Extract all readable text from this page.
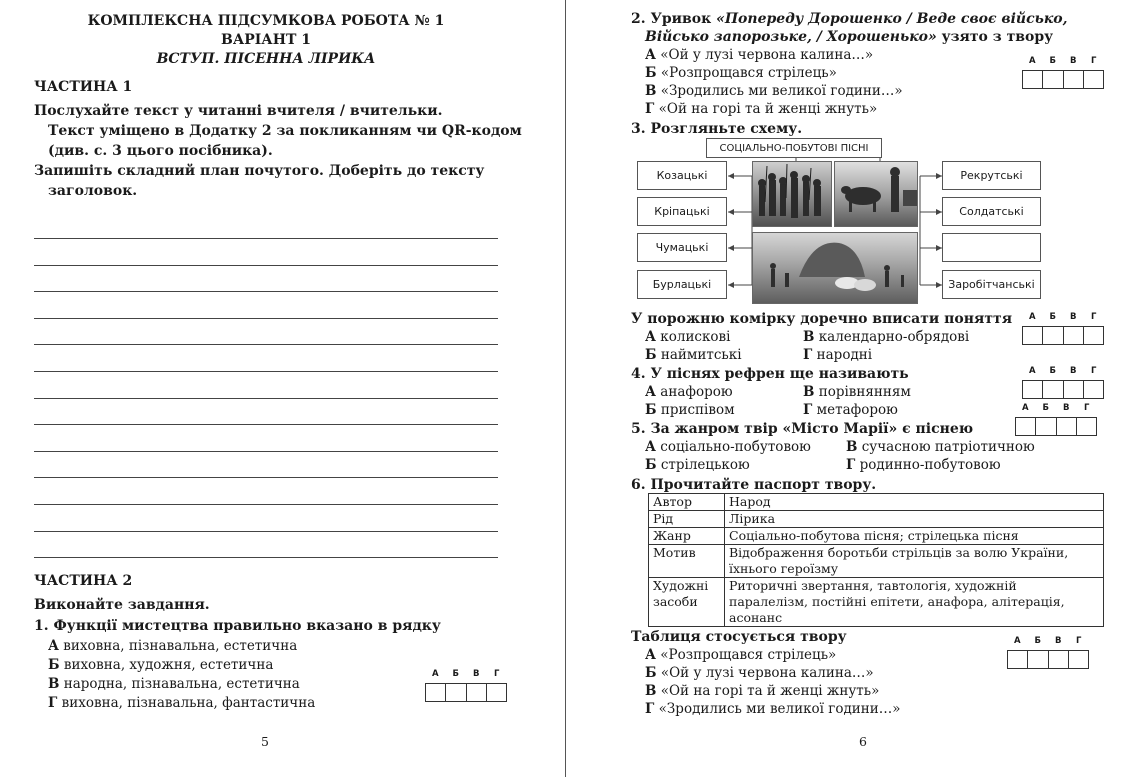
КОМПЛЕКСНА ПІДСУМКОВА РОБОТА № 1
ВАРІАНТ 1
ВСТУП. ПІСЕННА ЛІРИКА
ЧАСТИНА 1
Послухайте текст у читанні вчителя / вчительки.
Текст уміщено в Додатку 2 за покликанням чи QR-кодом
(див. с. 3 цього посібника).
Запишіть складний план почутого. Доберіть до тексту
заголовок.
ЧАСТИНА 2
Виконайте завдання.
1. Функції мистецтва правильно вказано в рядку
А виховна, пізнавальна, естетична
Б виховна, художня, естетична
В народна, пізнавальна, естетична
Г виховна, пізнавальна, фантастична
А	Б	В	Г
5
2. Уривок «Попереду Дорошенко / Веде своє військо,
Військо запорозьке, / Хорошенько» узято з твору
А «Ой у лузі червона калина…»
Б «Розпрощався стрілець»
В «Зродились ми великої години…»
Г «Ой на горі та й женці жнуть»
А	Б	В	Г
3. Розгляньте схему.
СОЦІАЛЬНО-ПОБУТОВІ ПІСНІ
Козацькі
Кріпацькі
Чумацькі
Бурлацькі
Рекрутські
Солдатські
Заробітчанські
У порожню комірку доречно вписати поняття
А колискові	В календарно-обрядові
Б наймитські	Г народні
А	Б	В	Г
4. У піснях рефрен ще називають
А анафорою	В порівнянням
Б приспівом	Г метафорою
А	Б	В	Г
А	Б	В	Г
5. За жанром твір «Місто Марії» є піснею
А соціально-побутовою	В сучасною патріотичною
Б стрілецькою	Г родинно-побутовою
6. Прочитайте паспорт твору.
Автор	Народ
Рід	Лірика
Жанр	Соціально-побутова пісня; стрілецька пісня
Мотив	Відображення боротьби стрільців за волю України, їхнього героїзму
Художні засоби	Риторичні звертання, тавтологія, художній паралелізм, постійні епітети, анафора, алітерація, асонанс
Таблиця стосується твору
А «Розпрощався стрілець»
Б «Ой у лузі червона калина…»
В «Ой на горі та й женці жнуть»
Г «Зродились ми великої години…»
А	Б	В	Г
6
